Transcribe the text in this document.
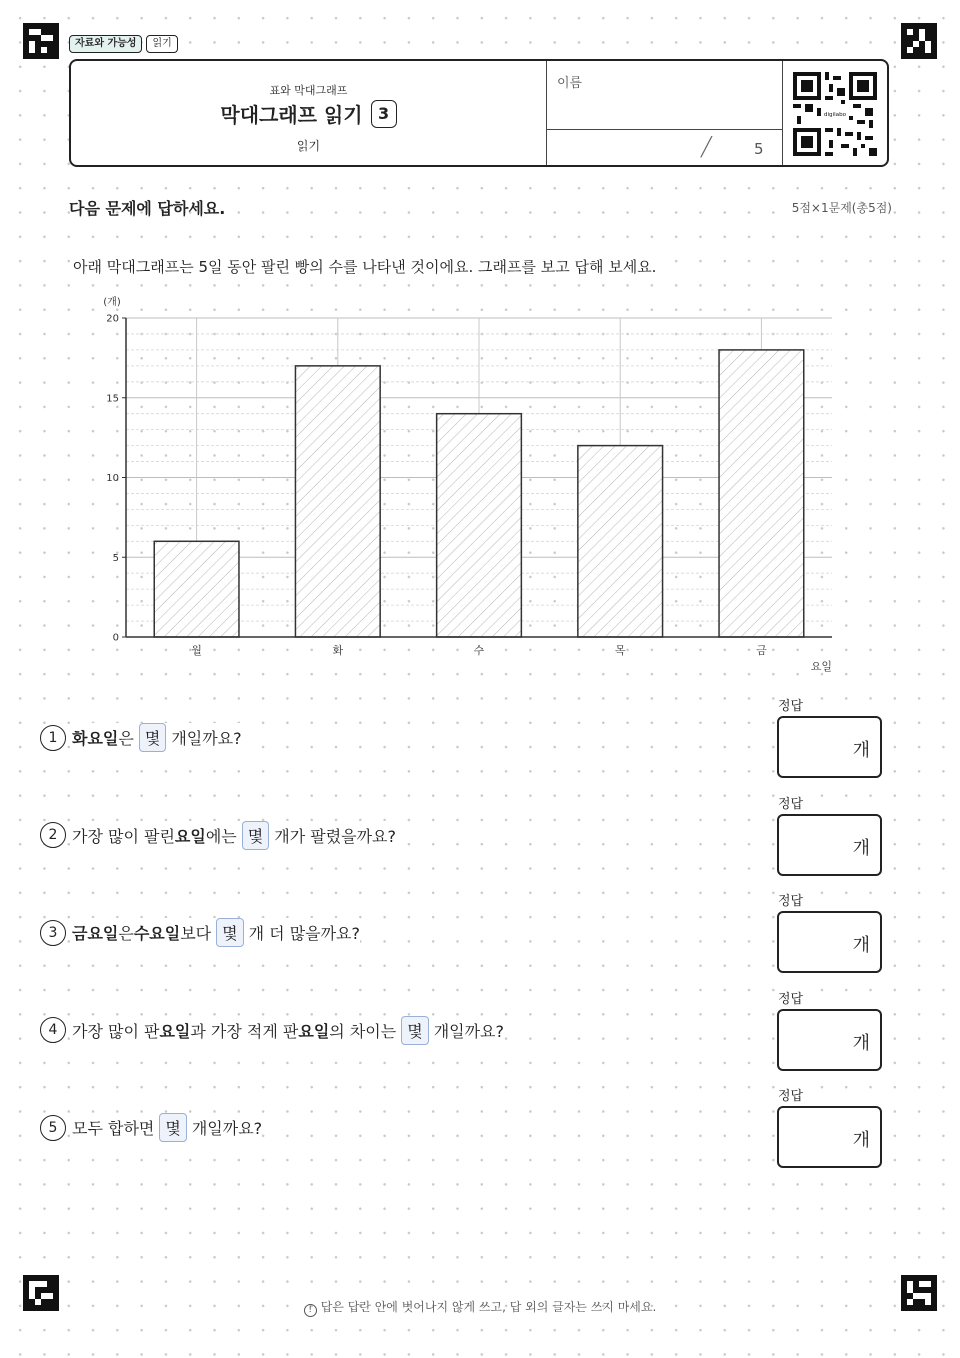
자료와 가능성	읽기
표와 막대그래프
막대그래프 읽기 3
읽기
이름
/	5
digilabo
다음 문제에 답하세요.	5점×1문제(총5점)
아래 막대그래프는 5일 동안 팔린 빵의 수를 나타낸 것이에요. 그래프를 보고 답해 보세요.
0
5
10
15
20
월	화	수	목	금
(개)
요일
1 화요일 은 몇 개일까요?
정답
개
2 가장 많이 팔린 요일 에는 몇 개가 팔렸을까요?
정답
개
3 금요일 은 수요일 보다 몇 개 더 많을까요?
정답
개
4 가장 많이 판 요일 과 가장 적게 판 요일 의 차이는 몇 개일까요?
정답
개
5 모두 합하면 몇 개일까요?
정답
개
! 답은 답란 안에 벗어나지 않게 쓰고, 답 외의 글자는 쓰지 마세요.
